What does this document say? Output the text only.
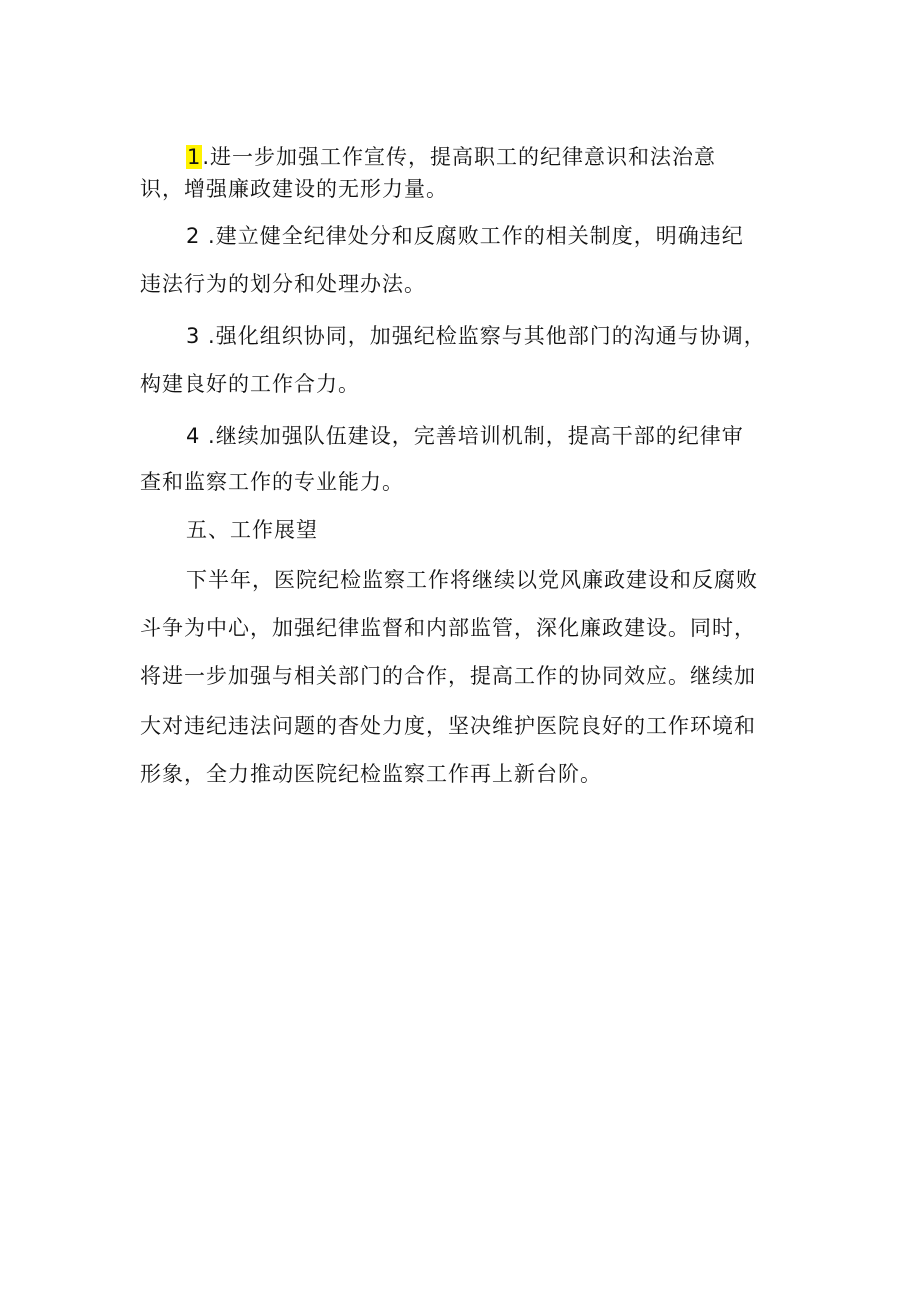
1.进一步加强工作宣传，提高职工的纪律意识和法治意
识，增强廉政建设的无形力量。
2 .建立健全纪律处分和反腐败工作的相关制度，明确违纪
违法行为的划分和处理办法。
3 .强化组织协同，加强纪检监察与其他部门的沟通与协调，
构建良好的工作合力。
4 .继续加强队伍建设，完善培训机制，提高干部的纪律审
查和监察工作的专业能力。
五、工作展望
下半年，医院纪检监察工作将继续以党风廉政建设和反腐败
斗争为中心，加强纪律监督和内部监管，深化廉政建设。同时，
将进一步加强与相关部门的合作，提高工作的协同效应。继续加
大对违纪违法问题的杳处力度，坚决维护医院良好的工作环境和
形象，全力推动医院纪检监察工作再上新台阶。
